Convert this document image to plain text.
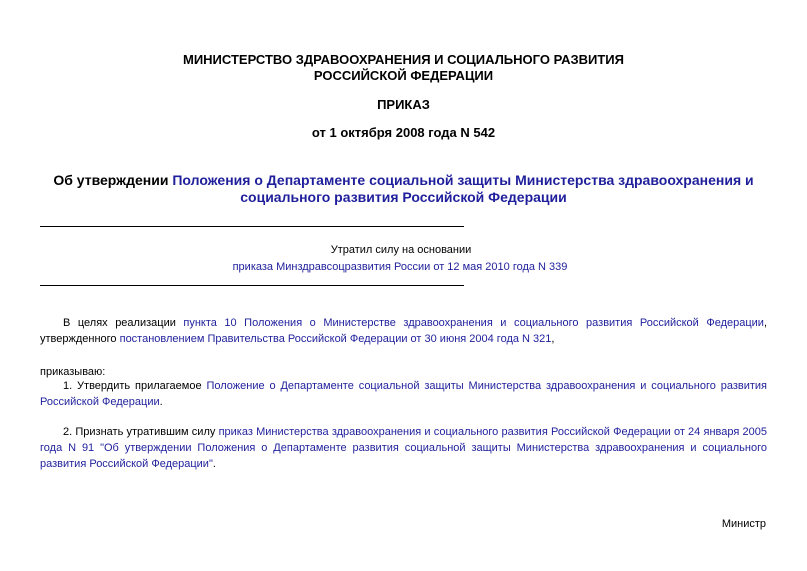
МИНИСТЕРСТВО ЗДРАВООХРАНЕНИЯ И СОЦИАЛЬНОГО РАЗВИТИЯ
РОССИЙСКОЙ ФЕДЕРАЦИИ
ПРИКАЗ
от 1 октября 2008 года N 542
Об утверждении Положения о Департаменте социальной защиты Министерства здравоохранения и
социального развития Российской Федерации
Утратил силу на основании
приказа Минздравсоцразвития России от 12 мая 2010 года N 339
В целях реализации пункта 10 Положения о Министерстве здравоохранения и социального развития Российской Федерации, утвержденного постановлением Правительства Российской Федерации от 30 июня 2004 года N 321,
приказываю:
1. Утвердить прилагаемое Положение о Департаменте социальной защиты Министерства здравоохранения и социального развития Российской Федерации.
2. Признать утратившим силу приказ Министерства здравоохранения и социального развития Российской Федерации от 24 января 2005 года N 91 "Об утверждении Положения о Департаменте развития социальной защиты Министерства здравоохранения и социального развития Российской Федерации".
Министр
